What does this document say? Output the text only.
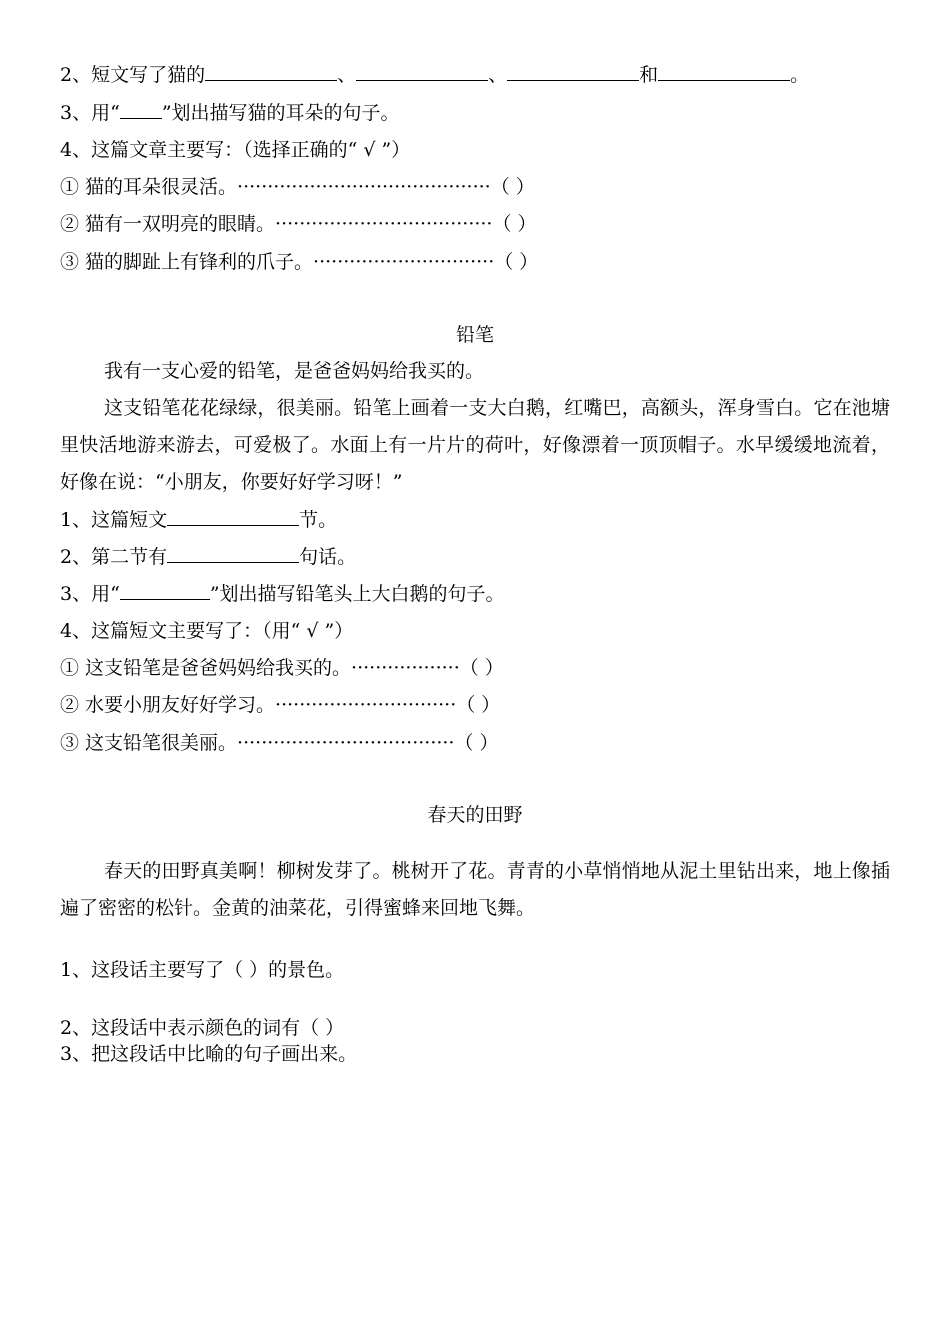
2、短文写了猫的	、	、	和	。
3、用“ ”划出描写猫的耳朵的句子。
4、这篇文章主要写：（选择正确的“ √ ”）
① 猫的耳朵很灵活。··········································（ ）
② 猫有一双明亮的眼睛。····································（ ）
③ 猫的脚趾上有锋利的爪子。······························（ ）
铅笔
我有一支心爱的铅笔，是爸爸妈妈给我买的。
这支铅笔花花绿绿，很美丽。铅笔上画着一支大白鹅，红嘴巴，高额头，浑身雪白。它在池塘里快活地游来游去，可爱极了。水面上有一片片的荷叶，好像漂着一顶顶帽子。水早缓缓地流着，好像在说：“小朋友，你要好好学习呀！”
1、这篇短文	节。
2、第二节有	句话。
3、用“	”划出描写铅笔头上大白鹅的句子。
4、这篇短文主要写了：（用“ √ ”）
① 这支铅笔是爸爸妈妈给我买的。··················（ ）
② 水要小朋友好好学习。······························（ ）
③ 这支铅笔很美丽。····································（ ）
春天的田野
春天的田野真美啊！柳树发芽了。桃树开了花。青青的小草悄悄地从泥土里钻出来，地上像插遍了密密的松针。金黄的油菜花，引得蜜蜂来回地飞舞。
1、这段话主要写了（ ）的景色。
2、这段话中表示颜色的词有（ ）
3、把这段话中比喻的句子画出来。
